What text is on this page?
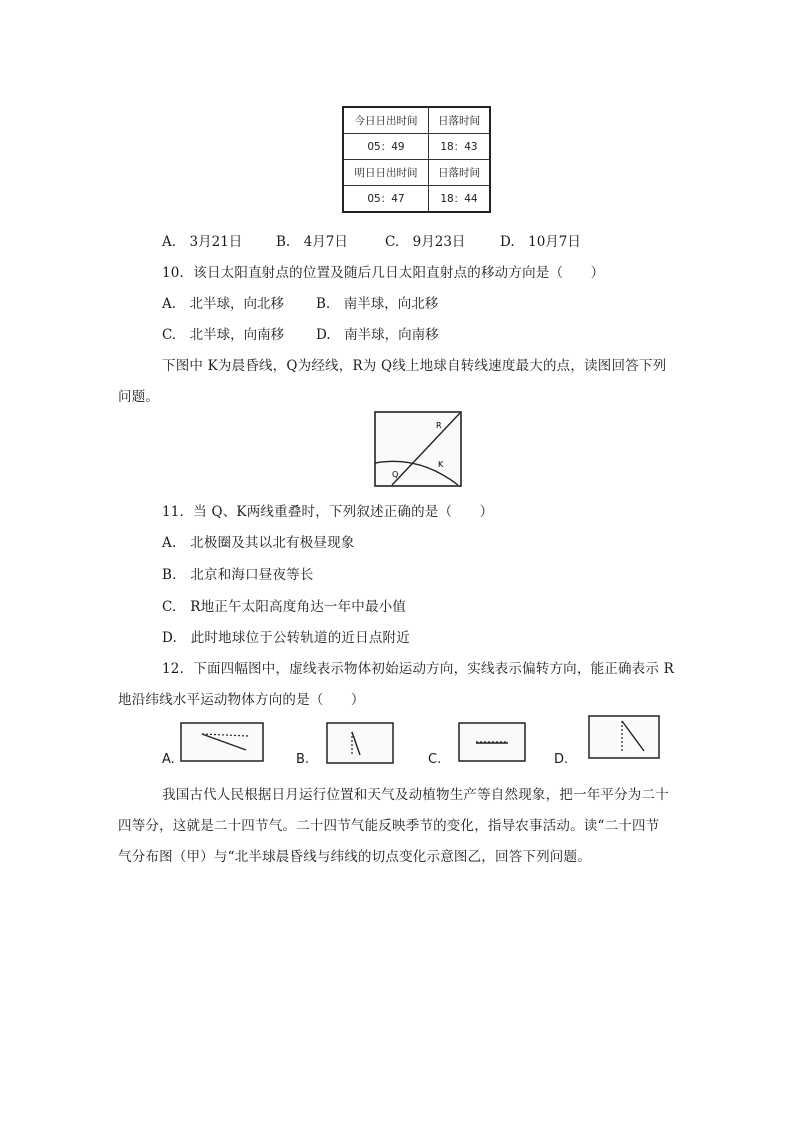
今日日出时间	日落时间
05：49	18：43
明日日出时间	日落时间
05：47	18：44
A.　3月21日 B.　4月7日	C.　9月23日	D.　10月7日
10．该日太阳直射点的位置及随后几日太阳直射点的移动方向是（　　）
A.　北半球，向北移 B.　南半球，向北移
C.　北半球，向南移 D.　南半球，向南移
下图中 K为晨昏线，Q为经线，R为 Q线上地球自转线速度最大的点，读图回答下列
问题。
R
Q
K
11．当 Q、K两线重叠时，下列叙述正确的是（　　）
A.　北极圈及其以北有极昼现象
B.　北京和海口昼夜等长
C.　R地正午太阳高度角达一年中最小值
D.　此时地球位于公转轨道的近日点附近
12．下面四幅图中，虚线表示物体初始运动方向，实线表示偏转方向，能正确表示 R
地沿纬线水平运动物体方向的是（　　）
A.	B.	C.	D.
我国古代人民根据日月运行位置和天气及动植物生产等自然现象，把一年平分为二十
四等分，这就是二十四节气。二十四节气能反映季节的变化，指导农事活动。读“二十四节
气分布图（甲）与“北半球晨昏线与纬线的切点变化示意图乙，回答下列问题。
